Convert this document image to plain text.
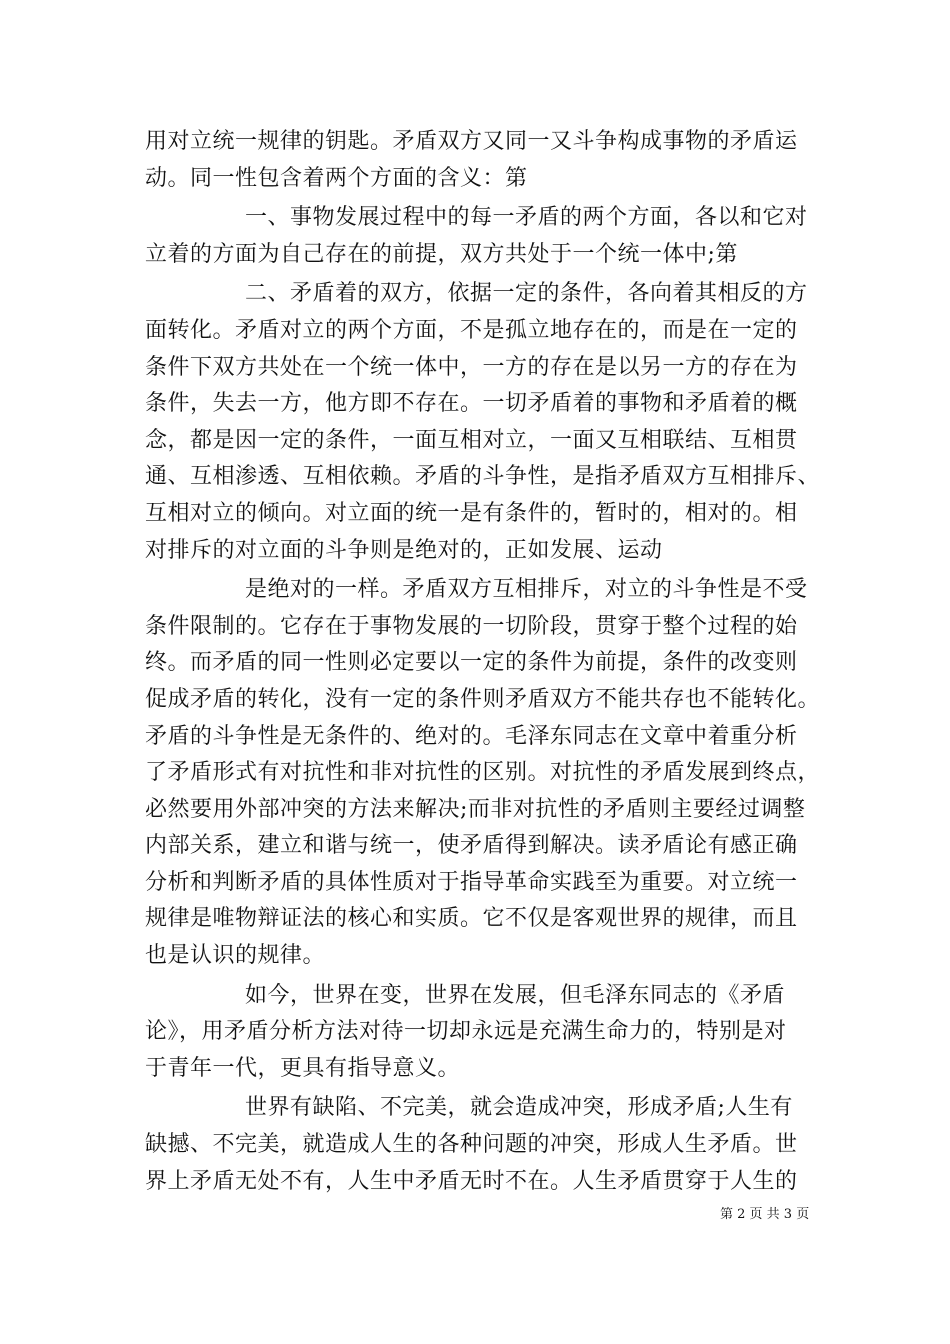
用对立统一规律的钥匙。矛盾双方又同一又斗争构成事物的矛盾运
动。同一性包含着两个方面的含义：第
一、事物发展过程中的每一矛盾的两个方面，各以和它对
立着的方面为自己存在的前提，双方共处于一个统一体中;第
二、矛盾着的双方，依据一定的条件，各向着其相反的方
面转化。矛盾对立的两个方面，不是孤立地存在的，而是在一定的
条件下双方共处在一个统一体中，一方的存在是以另一方的存在为
条件，失去一方，他方即不存在。一切矛盾着的事物和矛盾着的概
念，都是因一定的条件，一面互相对立，一面又互相联结、互相贯
通、互相渗透、互相依赖。矛盾的斗争性，是指矛盾双方互相排斥、
互相对立的倾向。对立面的统一是有条件的，暂时的，相对的。相
对排斥的对立面的斗争则是绝对的，正如发展、运动
是绝对的一样。矛盾双方互相排斥，对立的斗争性是不受
条件限制的。它存在于事物发展的一切阶段，贯穿于整个过程的始
终。而矛盾的同一性则必定要以一定的条件为前提，条件的改变则
促成矛盾的转化，没有一定的条件则矛盾双方不能共存也不能转化。
矛盾的斗争性是无条件的、绝对的。毛泽东同志在文章中着重分析
了矛盾形式有对抗性和非对抗性的区别。对抗性的矛盾发展到终点，
必然要用外部冲突的方法来解决;而非对抗性的矛盾则主要经过调整
内部关系，建立和谐与统一，使矛盾得到解决。读矛盾论有感正确
分析和判断矛盾的具体性质对于指导革命实践至为重要。对立统一
规律是唯物辩证法的核心和实质。它不仅是客观世界的规律，而且
也是认识的规律。
如今，世界在变，世界在发展，但毛泽东同志的《矛盾
论》，用矛盾分析方法对待一切却永远是充满生命力的，特别是对
于青年一代，更具有指导意义。
世界有缺陷、不完美，就会造成冲突，形成矛盾;人生有
缺撼、不完美，就造成人生的各种问题的冲突，形成人生矛盾。世
界上矛盾无处不有，人生中矛盾无时不在。人生矛盾贯穿于人生的
第 2 页 共 3 页
